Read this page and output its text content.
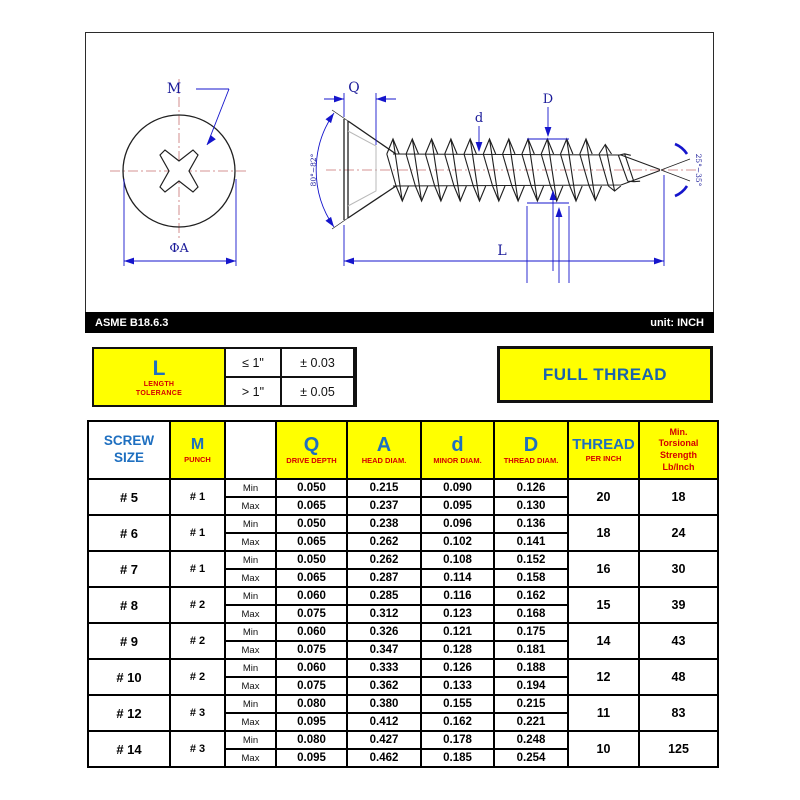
M
ΦA
Q
d
D
L
80°~82°	25°~35°
ASME B18.6.3	unit: INCH
L
LENGTH
TOLERANCE
≤ 1"	± 0.03
> 1"	± 0.05
FULL THREAD
SCREW
SIZE

M
PUNCH

Q
DRIVE DEPTH

A
HEAD DIAM.

d
MINOR DIAM.

D
THREAD DIAM.

THREAD
PER INCH

Min.
Torsional
Strength
Lb/Inch

# 5	# 1	Min	0.050	0.215	0.090	0.126	20	18
		Max	0.065	0.237	0.095	0.130		
# 6	# 1	Min	0.050	0.238	0.096	0.136	18	24
		Max	0.065	0.262	0.102	0.141		
# 7	# 1	Min	0.050	0.262	0.108	0.152	16	30
		Max	0.065	0.287	0.114	0.158		
# 8	# 2	Min	0.060	0.285	0.116	0.162	15	39
		Max	0.075	0.312	0.123	0.168		
# 9	# 2	Min	0.060	0.326	0.121	0.175	14	43
		Max	0.075	0.347	0.128	0.181		
# 10	# 2	Min	0.060	0.333	0.126	0.188	12	48
		Max	0.075	0.362	0.133	0.194		
# 12	# 3	Min	0.080	0.380	0.155	0.215	11	83
		Max	0.095	0.412	0.162	0.221		
# 14	# 3	Min	0.080	0.427	0.178	0.248	10	125
		Max	0.095	0.462	0.185	0.254		
